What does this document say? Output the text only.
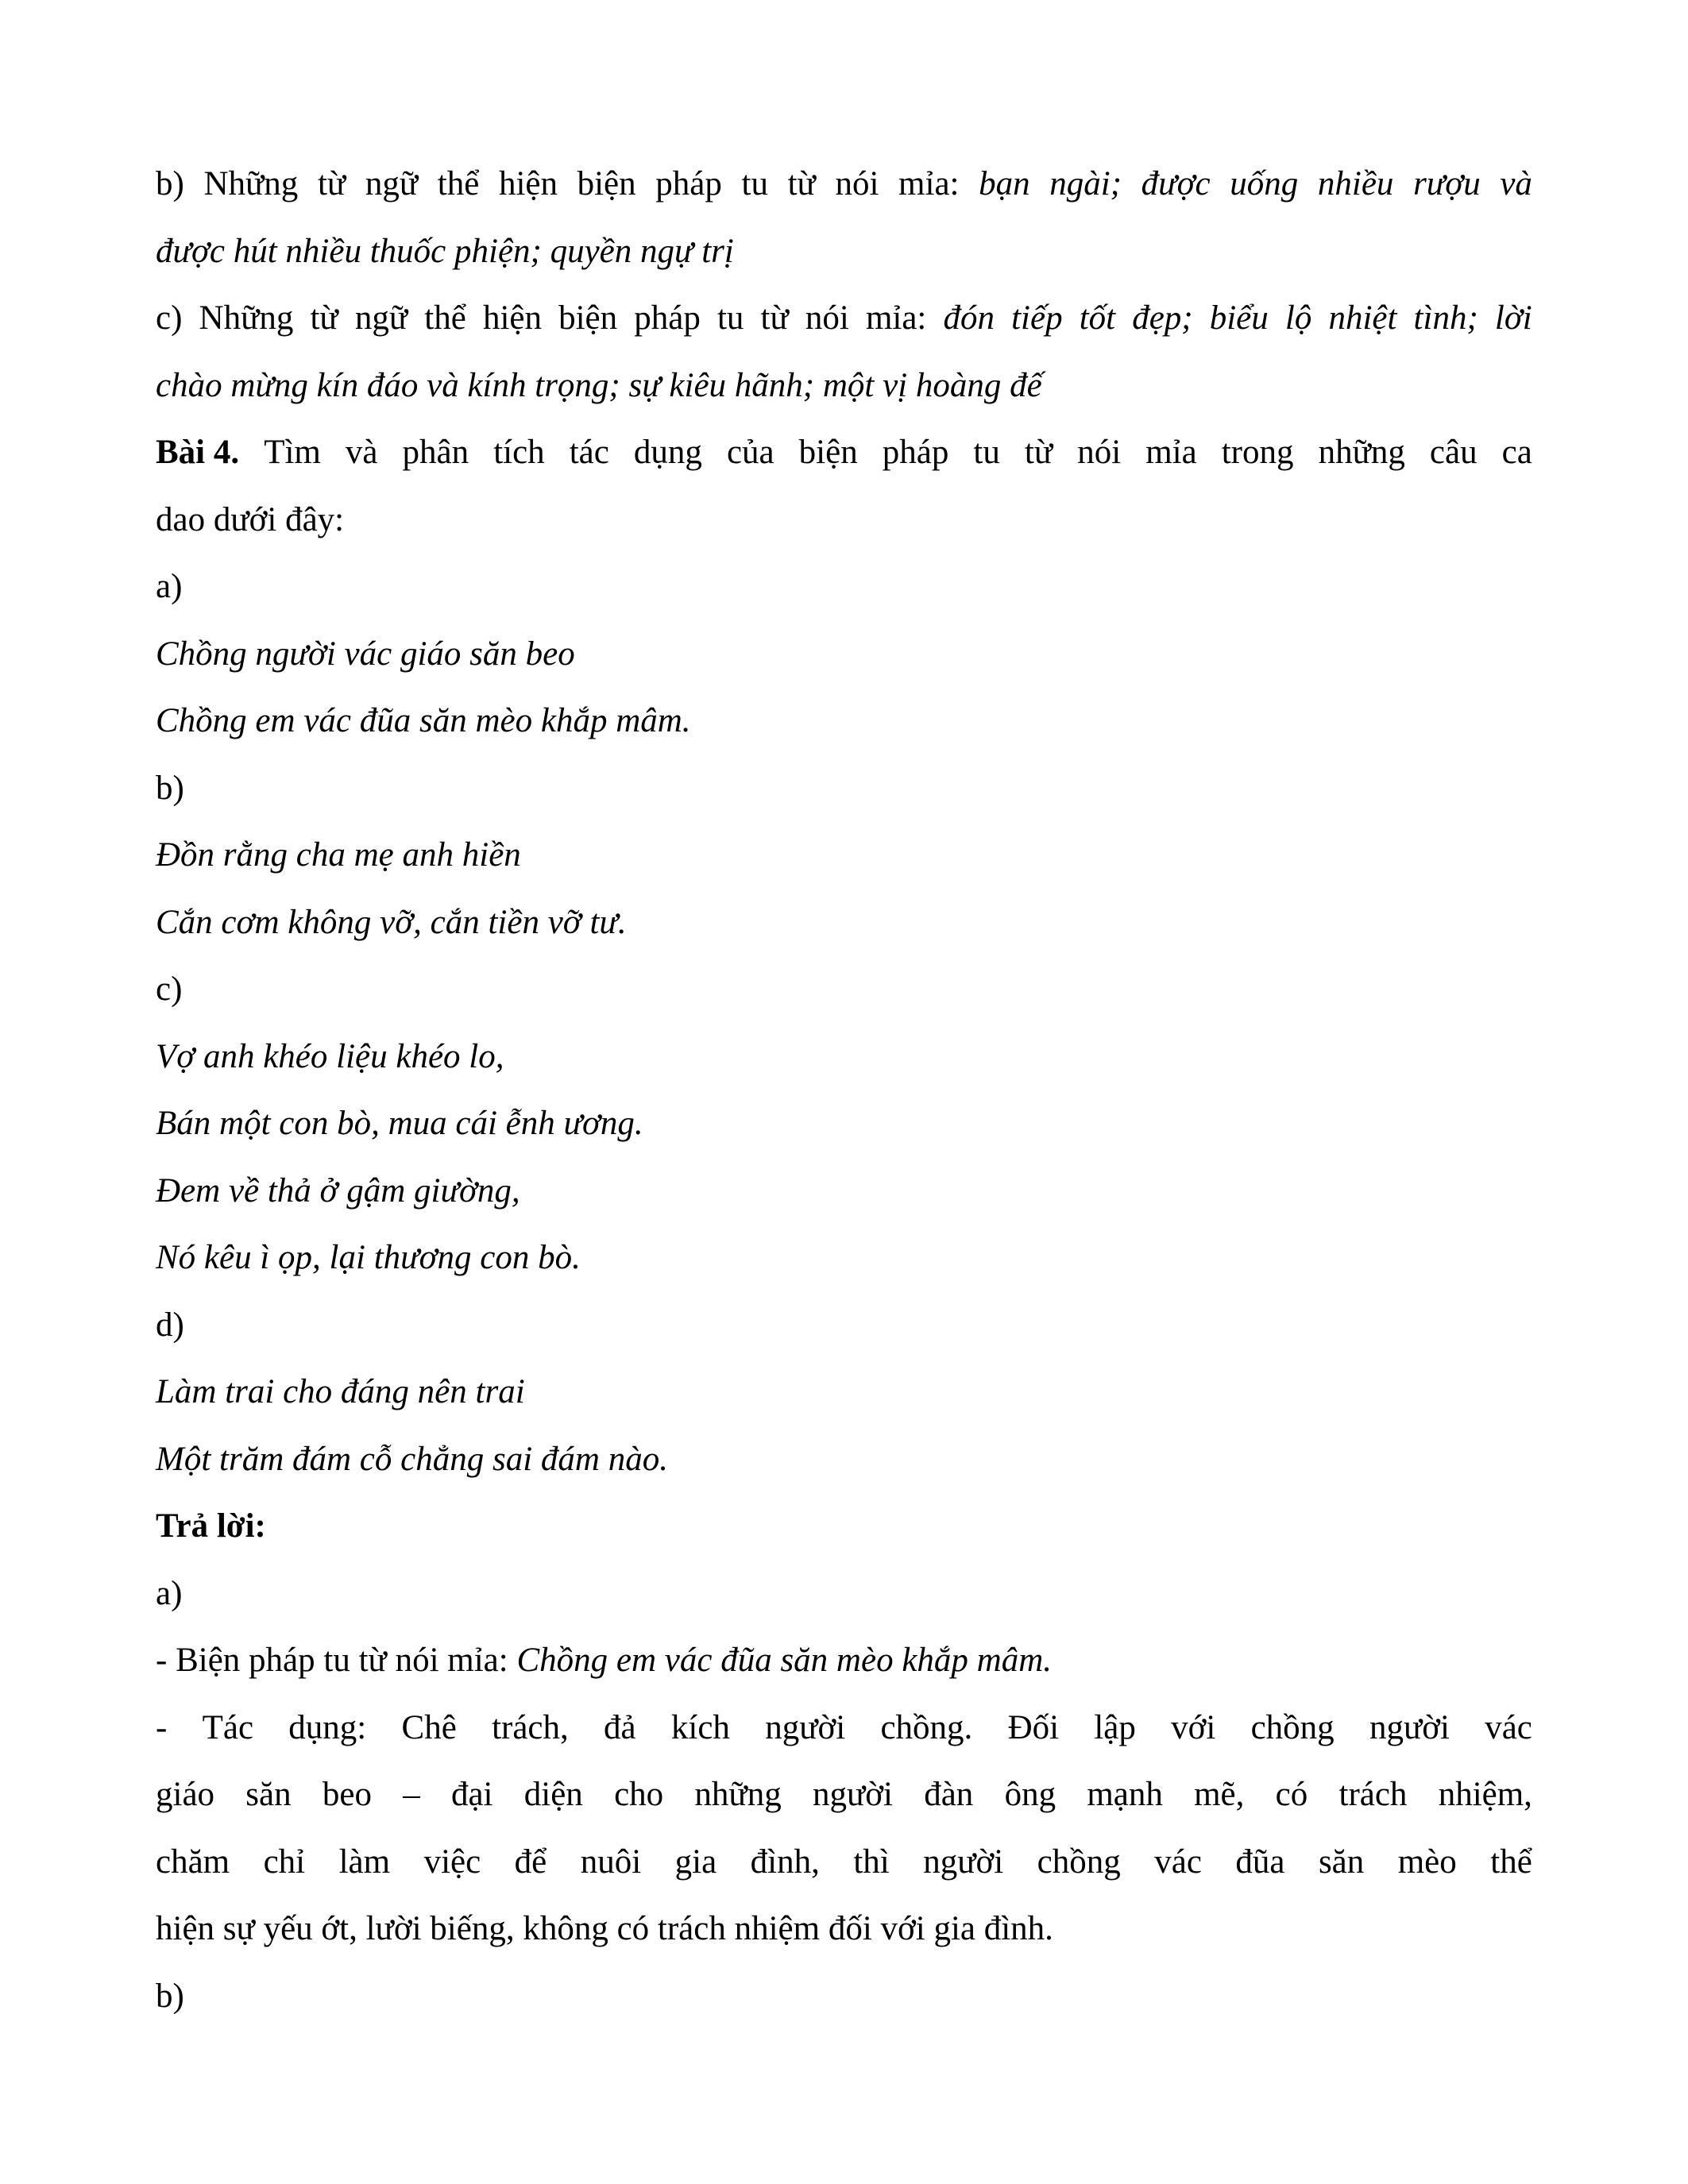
b) Những từ ngữ thể hiện biện pháp tu từ nói mỉa: bạn ngài; được uống nhiều rượu và
được hút nhiều thuốc phiện; quyền ngự trị
c) Những từ ngữ thể hiện biện pháp tu từ nói mỉa: đón tiếp tốt đẹp; biểu lộ nhiệt tình; lời
chào mừng kín đáo và kính trọng; sự kiêu hãnh; một vị hoàng đế
Bài 4. Tìm và phân tích tác dụng của biện pháp tu từ nói mỉa trong những câu ca
dao dưới đây:
a)
Chồng người vác giáo săn beo
Chồng em vác đũa săn mèo khắp mâm.
b)
Đồn rằng cha mẹ anh hiền
Cắn cơm không vỡ, cắn tiền vỡ tư.
c)
Vợ anh khéo liệu khéo lo,
Bán một con bò, mua cái ễnh ương.
Đem về thả ở gậm giường,
Nó kêu ì ọp, lại thương con bò.
d)
Làm trai cho đáng nên trai
Một trăm đám cỗ chẳng sai đám nào.
Trả lời:
a)
- Biện pháp tu từ nói mỉa: Chồng em vác đũa săn mèo khắp mâm.
- Tác dụng: Chê trách, đả kích người chồng. Đối lập với chồng người vác
giáo săn beo – đại diện cho những người đàn ông mạnh mẽ, có trách nhiệm,
chăm chỉ làm việc để nuôi gia đình, thì người chồng vác đũa săn mèo thể
hiện sự yếu ớt, lười biếng, không có trách nhiệm đối với gia đình.
b)
